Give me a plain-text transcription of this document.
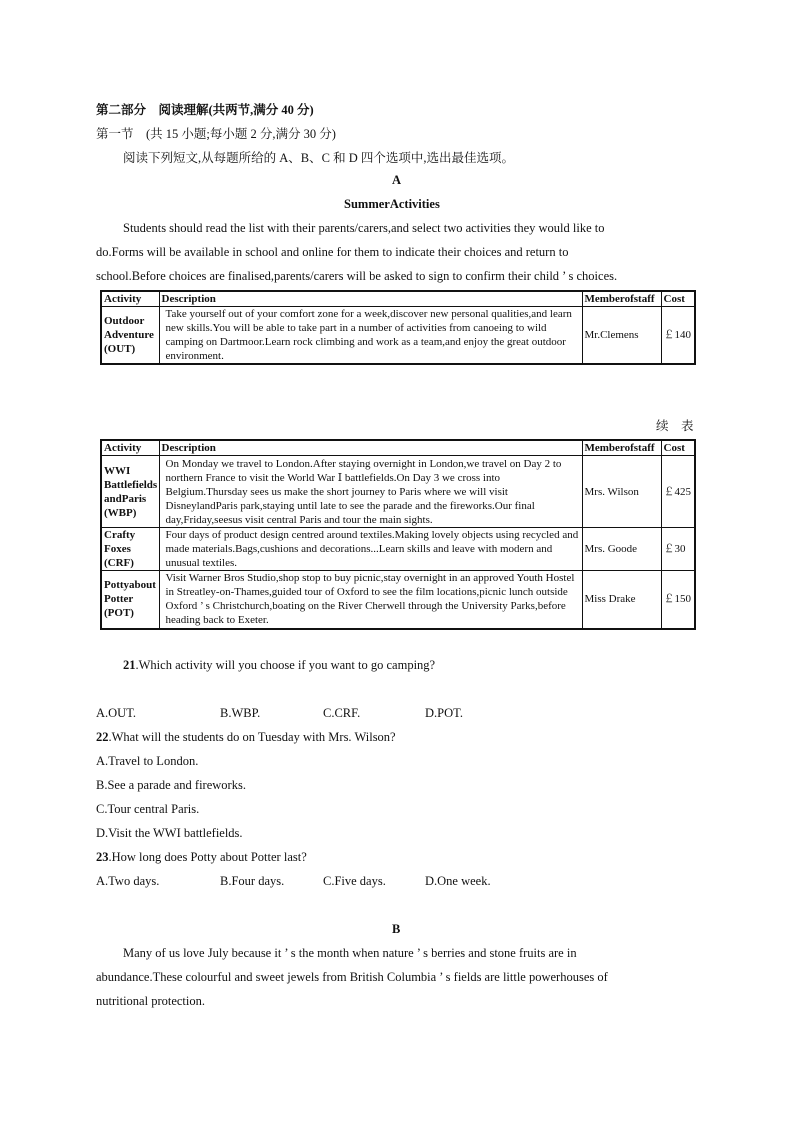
第二部分　阅读理解(共两节,满分 40 分)
第一节　(共 15 小题;每小题 2 分,满分 30 分)
阅读下列短文,从每题所给的 A、B、C 和 D 四个选项中,选出最佳选项。
A
SummerActivities
Students should read the list with their parents/carers,and select two activities they would like to
do.Forms will be available in school and online for them to indicate their choices and return to
school.Before choices are finalised,parents/carers will be asked to sign to confirm their child ’ s choices.
Activity	Description	Memberofstaff	Cost
Outdoor Adventure (OUT)	Take yourself out of your comfort zone for a week,discover new personal qualities,and learn new skills.You will be able to take part in a number of activities from canoeing to wild camping on Dartmoor.Learn rock climbing and work as a team,and enjoy the great outdoor environment.	Mr.Clemens	￡140
续　表
Activity	Description	Memberofstaff	Cost
WWI Battlefields andParis (WBP)	On Monday we travel to London.After staying overnight in London,we travel on Day 2 to northern France to visit the World War Ⅰ battlefields.On Day 3 we cross into Belgium.Thursday sees us make the short journey to Paris where we will visit DisneylandParis park,staying until late to see the parade and the fireworks.Our final day,Friday,seesus visit central Paris and tour the main sights.	Mrs. Wilson	￡425
Crafty Foxes (CRF)	Four days of product design centred around textiles.Making lovely objects using recycled and made materials.Bags,cushions and decorations...Learn skills and leave with modern and unusual textiles.	Mrs. Goode	￡30
Pottyabout Potter (POT)	Visit Warner Bros Studio,shop stop to buy picnic,stay overnight in an approved Youth Hostel in Streatley-on-Thames,guided tour of Oxford to see the film locations,picnic lunch outside Oxford ’ s Christchurch,boating on the River Cherwell through the University Parks,before heading back to Exeter.	Miss Drake	￡150
21.Which activity will you choose if you want to go camping?
A.OUT.	B.WBP.	C.CRF.	D.POT.
22.What will the students do on Tuesday with Mrs. Wilson?
A.Travel to London.
B.See a parade and fireworks.
C.Tour central Paris.
D.Visit the WWI battlefields.
23.How long does Potty about Potter last?
A.Two days.	B.Four days.	C.Five days.	D.One week.
B
Many of us love July because it ’ s the month when nature ’ s berries and stone fruits are in
abundance.These colourful and sweet jewels from British Columbia ’ s fields are little powerhouses of
nutritional protection.
